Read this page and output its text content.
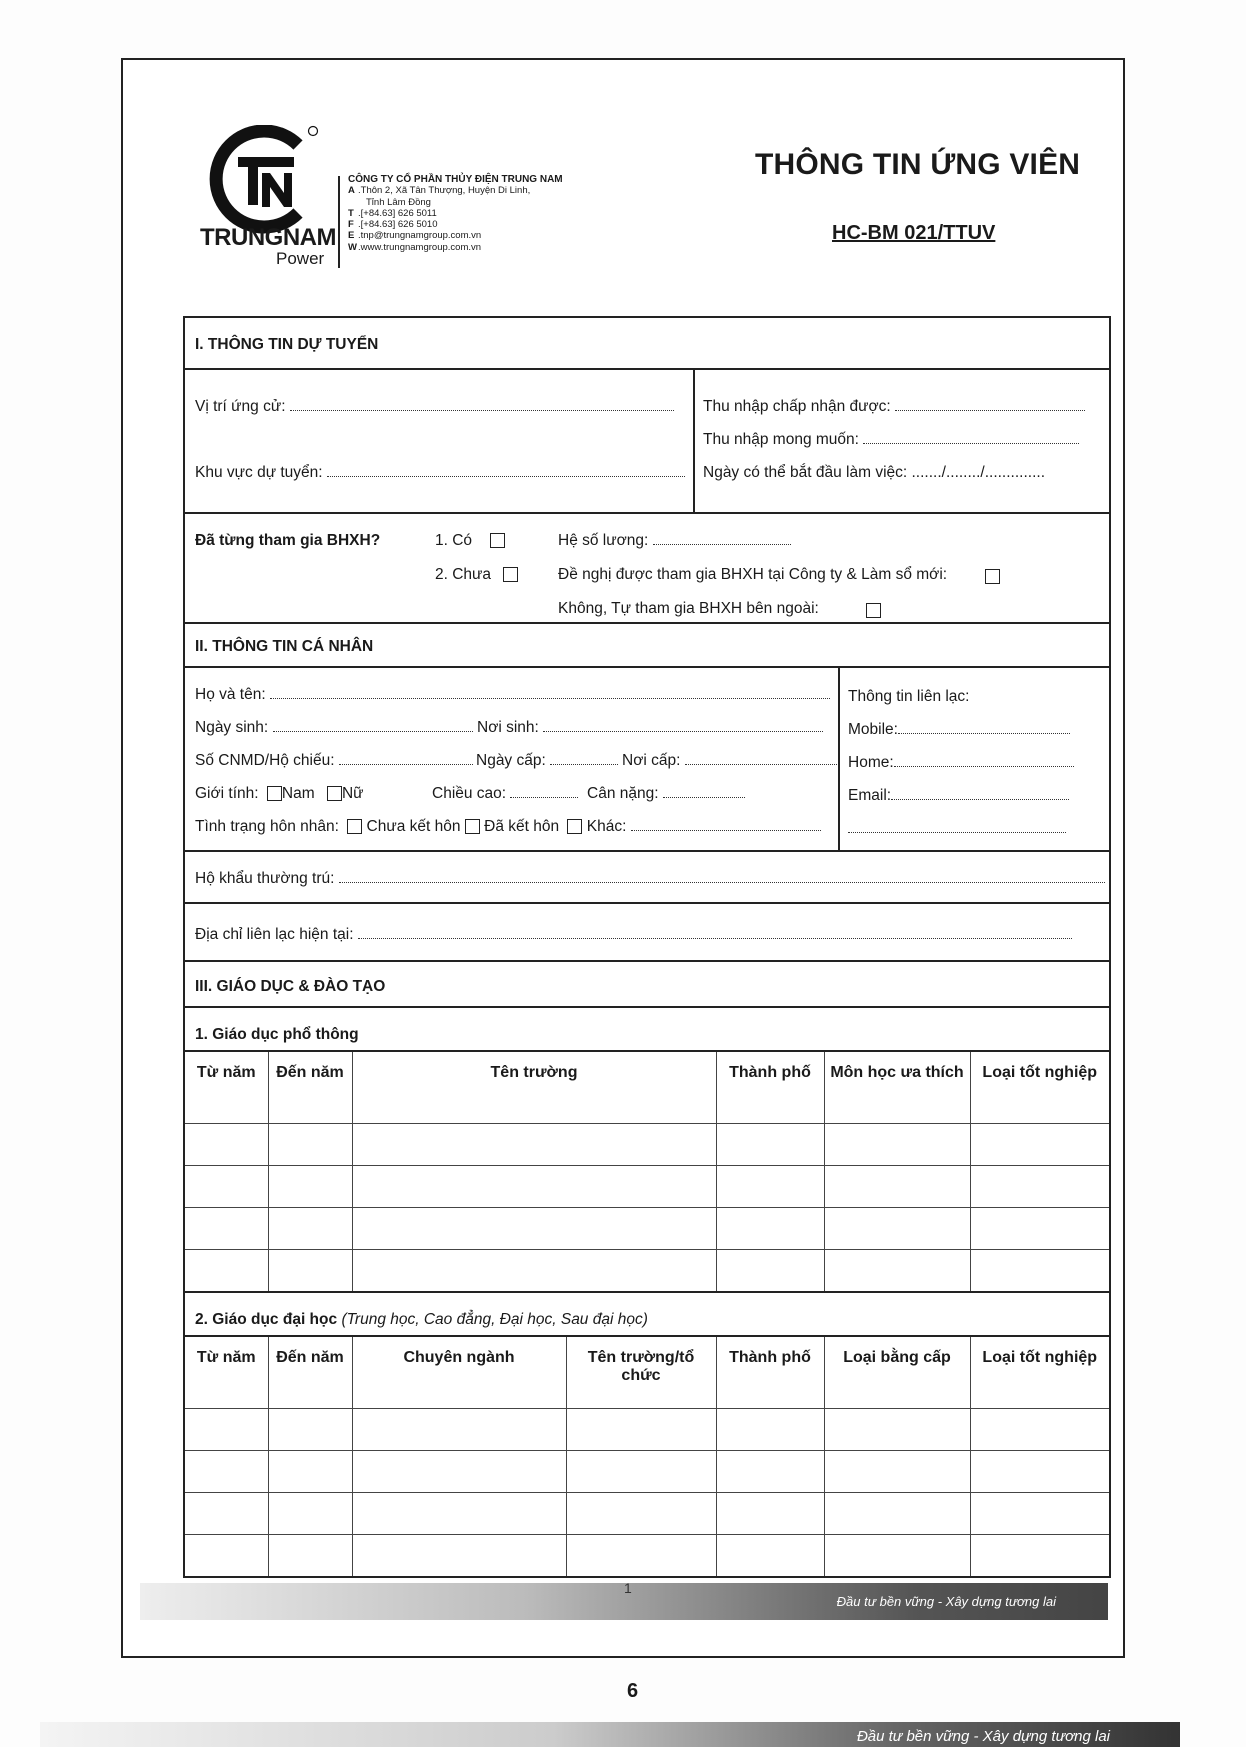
TRUNGNAM
Power
CÔNG TY CỔ PHẦN THỦY ĐIỆN TRUNG NAM
A .Thôn 2, Xã Tân Thượng, Huyện Di Linh,
Tỉnh Lâm Đồng
T .[+84.63] 626 5011
F .[+84.63] 626 5010
E .tnp@trungnamgroup.com.vn
W.www.trungnamgroup.com.vn
THÔNG TIN ỨNG VIÊN
HC-BM 021/TTUV
I. THÔNG TIN DỰ TUYỂN
Vị trí ứng cử:
Khu vực dự tuyển:
Thu nhập chấp nhận được:
Thu nhập mong muốn:
Ngày có thể bắt đầu làm việc: ......./......../..............
Đã từng tham gia BHXH?	1. Có
2. Chưa
Hệ số lương:
Đề nghị được tham gia BHXH tại Công ty & Làm sổ mới:
Không, Tự tham gia BHXH bên ngoài:
II. THÔNG TIN CÁ NHÂN
Họ và tên:
Ngày sinh:	Nơi sinh:
Số CNMD/Hộ chiếu:	Ngày cấp:	Nơi cấp:
Giới tính: Nam Nữ	Chiều cao:	Cân nặng:
Tình trạng hôn nhân: Chưa kết hôn Đã kết hôn Khác:
Thông tin liên lạc:
Mobile:
Home:
Email:
Hộ khẩu thường trú:
Địa chỉ liên lạc hiện tại:
III. GIÁO DỤC & ĐÀO TẠO
1. Giáo dục phổ thông
Từ năm	Đến năm	Tên trường	Thành phố	Môn học ưa thích	Loại tốt nghiệp

2. Giáo dục đại học (Trung học, Cao đẳng, Đại học, Sau đại học)
Từ năm	Đến năm	Chuyên ngành	Tên trường/tổ chức	Thành phố	Loại bằng cấp	Loại tốt nghiệp

1
Đầu tư bền vững - Xây dựng tương lai
6
Đầu tư bền vững - Xây dựng tương lai
